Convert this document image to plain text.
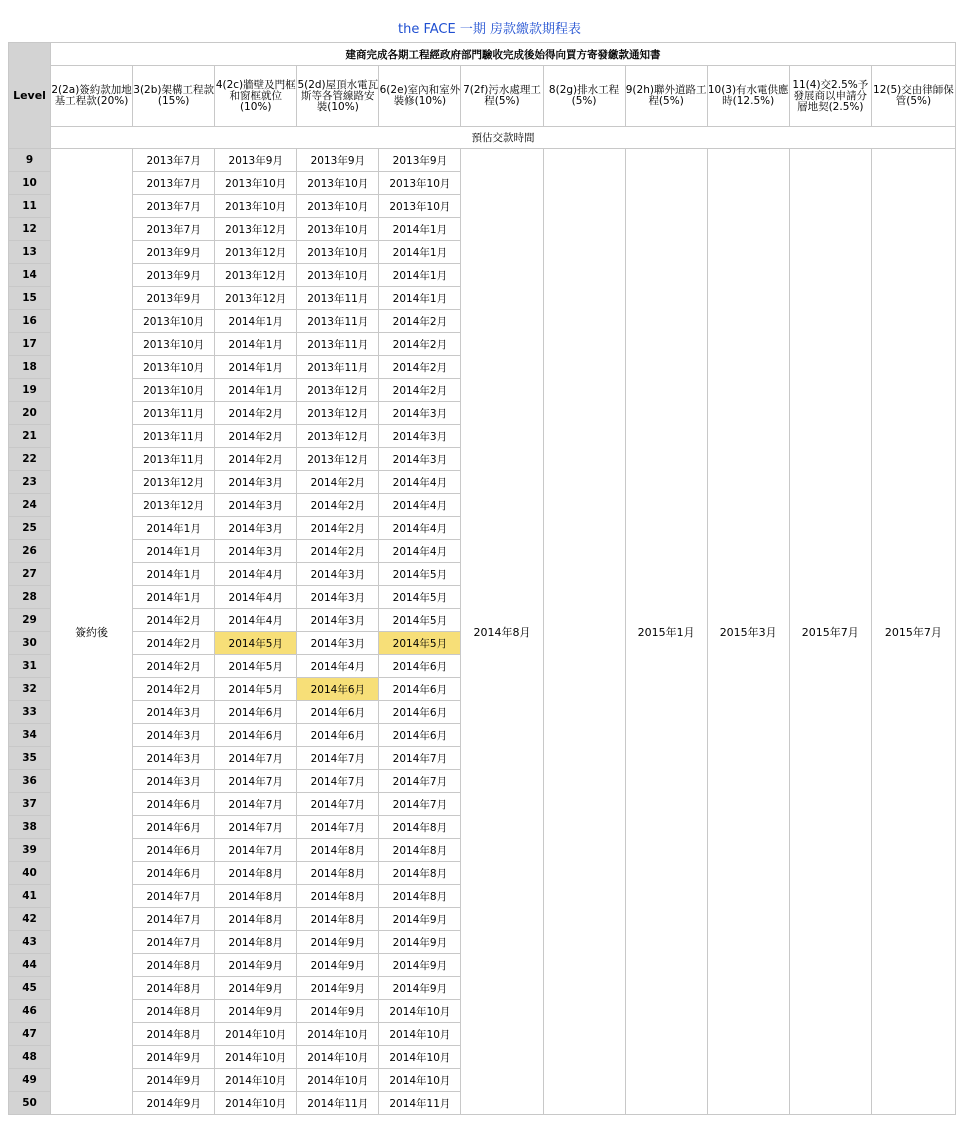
the FACE 一期 房款繳款期程表
Level	建商完成各期工程經政府部門驗收完成後始得向買方寄發繳款通知書										
	2(2a)簽約款加地基工程款(20%)	3(2b)架構工程款(15%)	4(2c)牆壁及門框和窗框就位(10%)	5(2d)屋頂水電瓦斯等各管線路安裝(10%)	6(2e)室內和室外裝修(10%)	7(2f)污水處理工程(5%)	8(2g)排水工程(5%)	9(2h)聯外道路工程(5%)	10(3)有水電供應時(12.5%)	11(4)交2.5%予發展商以申請分層地契(2.5%)	12(5)交由律師保管(5%)
	預估交款時間										
9	簽約後	2013年7月	2013年9月	2013年9月	2013年9月	2014年8月		2015年1月	2015年3月	2015年7月	2015年7月
10		2013年7月	2013年10月	2013年10月	2013年10月						
11		2013年7月	2013年10月	2013年10月	2013年10月						
12		2013年7月	2013年12月	2013年10月	2014年1月						
13		2013年9月	2013年12月	2013年10月	2014年1月						
14		2013年9月	2013年12月	2013年10月	2014年1月						
15		2013年9月	2013年12月	2013年11月	2014年1月						
16		2013年10月	2014年1月	2013年11月	2014年2月						
17		2013年10月	2014年1月	2013年11月	2014年2月						
18		2013年10月	2014年1月	2013年11月	2014年2月						
19		2013年10月	2014年1月	2013年12月	2014年2月						
20		2013年11月	2014年2月	2013年12月	2014年3月						
21		2013年11月	2014年2月	2013年12月	2014年3月						
22		2013年11月	2014年2月	2013年12月	2014年3月						
23		2013年12月	2014年3月	2014年2月	2014年4月						
24		2013年12月	2014年3月	2014年2月	2014年4月						
25		2014年1月	2014年3月	2014年2月	2014年4月						
26		2014年1月	2014年3月	2014年2月	2014年4月						
27		2014年1月	2014年4月	2014年3月	2014年5月						
28		2014年1月	2014年4月	2014年3月	2014年5月						
29		2014年2月	2014年4月	2014年3月	2014年5月						
30		2014年2月	2014年5月	2014年3月	2014年5月						
31		2014年2月	2014年5月	2014年4月	2014年6月						
32		2014年2月	2014年5月	2014年6月	2014年6月						
33		2014年3月	2014年6月	2014年6月	2014年6月						
34		2014年3月	2014年6月	2014年6月	2014年6月						
35		2014年3月	2014年7月	2014年7月	2014年7月						
36		2014年3月	2014年7月	2014年7月	2014年7月						
37		2014年6月	2014年7月	2014年7月	2014年7月						
38		2014年6月	2014年7月	2014年7月	2014年8月						
39		2014年6月	2014年7月	2014年8月	2014年8月						
40		2014年6月	2014年8月	2014年8月	2014年8月						
41		2014年7月	2014年8月	2014年8月	2014年8月						
42		2014年7月	2014年8月	2014年8月	2014年9月						
43		2014年7月	2014年8月	2014年9月	2014年9月						
44		2014年8月	2014年9月	2014年9月	2014年9月						
45		2014年8月	2014年9月	2014年9月	2014年9月						
46		2014年8月	2014年9月	2014年9月	2014年10月						
47		2014年8月	2014年10月	2014年10月	2014年10月						
48		2014年9月	2014年10月	2014年10月	2014年10月						
49		2014年9月	2014年10月	2014年10月	2014年10月						
50		2014年9月	2014年10月	2014年11月	2014年11月						
